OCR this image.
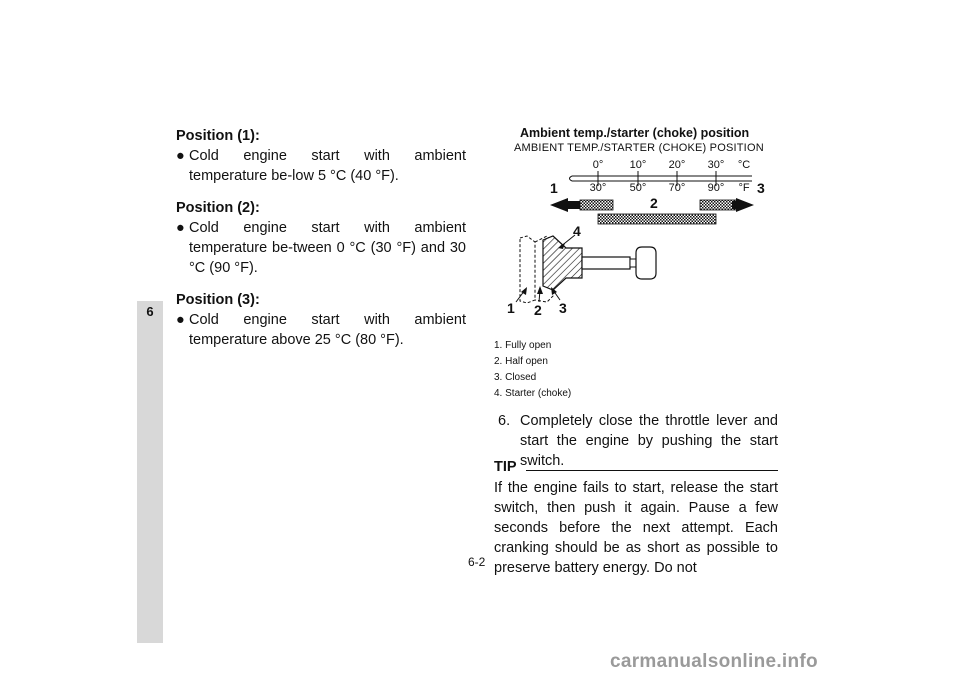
6

Position (1):

● Cold engine start with ambient temperature be-low 5 °C (40 °F).

Position (2):

● Cold engine start with ambient temperature be-tween 0 °C (30 °F) and 30 °C (90 °F).

Position (3):

● Cold engine start with ambient temperature above 25 °C (80 °F).

Ambient temp./starter (choke) position
AMBIENT TEMP./STARTER (CHOKE) POSITION
0° 10° 20° 30° °C
30° 50° 70° 90° °F
1
2
3
4
1 2 3
1. Fully open
2. Half open
3. Closed
4. Starter (choke)
6. Completely close the throttle lever and start the engine by pushing the start switch.
TIP
If the engine fails to start, release the start switch, then push it again. Pause a few seconds before the next attempt. Each cranking should be as short as possible to preserve battery energy. Do not
6-2
carmanualsonline.info
